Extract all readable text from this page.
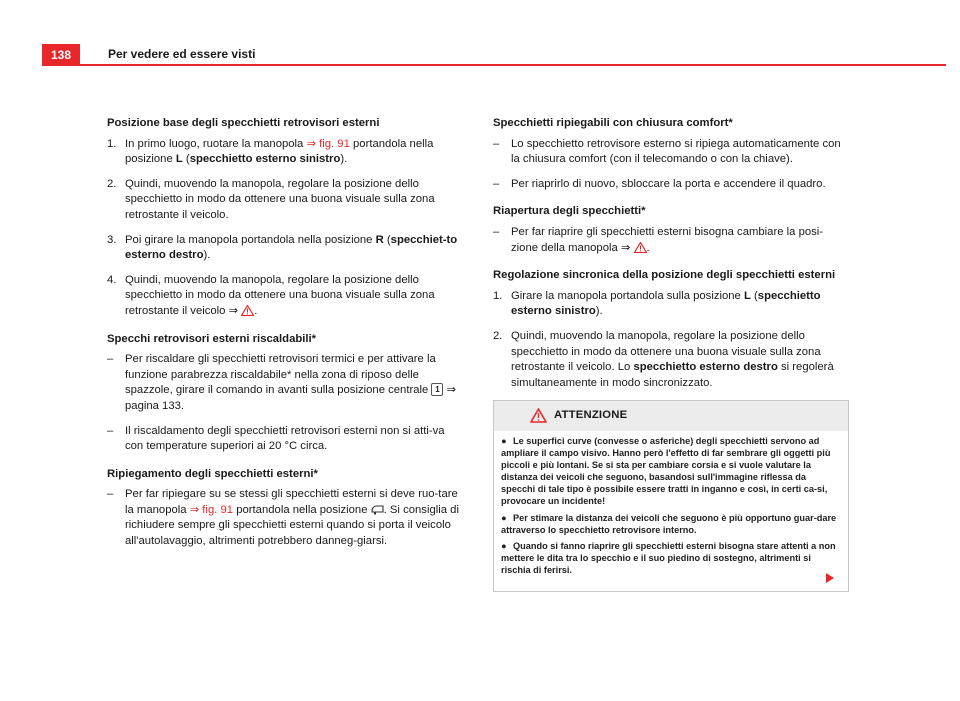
138	Per vedere ed essere visti
Posizione base degli specchietti retrovisori esterni
1. In primo luogo, ruotare la manopola ⇒ fig. 91 portandola nella posizione L (specchietto esterno sinistro).
2. Quindi, muovendo la manopola, regolare la posizione dello specchietto in modo da ottenere una buona visuale sulla zona retrostante il veicolo.
3. Poi girare la manopola portandola nella posizione R (specchiet-to esterno destro).
4. Quindi, muovendo la manopola, regolare la posizione dello specchietto in modo da ottenere una buona visuale sulla zona retrostante il veicolo ⇒ .
Specchi retrovisori esterni riscaldabili*
– Per riscaldare gli specchietti retrovisori termici e per attivare la funzione parabrezza riscaldabile* nella zona di riposo delle spazzole, girare il comando in avanti sulla posizione centrale 1 ⇒ pagina 133.
– Il riscaldamento degli specchietti retrovisori esterni non si atti-va con temperature superiori ai 20 °C circa.
Ripiegamento degli specchietti esterni*
– Per far ripiegare su se stessi gli specchietti esterni si deve ruo-tare la manopola ⇒ fig. 91 portandola nella posizione . Si consiglia di richiudere sempre gli specchietti esterni quando si porta il veicolo all'autolavaggio, altrimenti potrebbero danneg-giarsi.
Specchietti ripiegabili con chiusura comfort*
– Lo specchietto retrovisore esterno si ripiega automaticamente con la chiusura comfort (con il telecomando o con la chiave).
– Per riaprirlo di nuovo, sbloccare la porta e accendere il quadro.
Riapertura degli specchietti*
– Per far riaprire gli specchietti esterni bisogna cambiare la posi-zione della manopola ⇒ .
Regolazione sincronica della posizione degli specchietti esterni
1. Girare la manopola portandola sulla posizione L (specchietto esterno sinistro).
2. Quindi, muovendo la manopola, regolare la posizione dello specchietto in modo da ottenere una buona visuale sulla zona retrostante il veicolo. Lo specchietto esterno destro si regolerà simultaneamente in modo sincronizzato.
ATTENZIONE
● Le superfici curve (convesse o asferiche) degli specchietti servono ad ampliare il campo visivo. Hanno però l'effetto di far sembrare gli oggetti più piccoli e più lontani. Se si sta per cambiare corsia e si vuole valutare la distanza dei veicoli che seguono, basandosi sull'immagine riflessa da specchi di tale tipo è possibile essere tratti in inganno e così, in certi ca-si, provocare un incidente!
● Per stimare la distanza dei veicoli che seguono è più opportuno guar-dare attraverso lo specchietto retrovisore interno.
● Quando si fanno riaprire gli specchietti esterni bisogna stare attenti a non mettere le dita tra lo specchio e il suo piedino di sostegno, altrimenti si rischia di ferirsi.
